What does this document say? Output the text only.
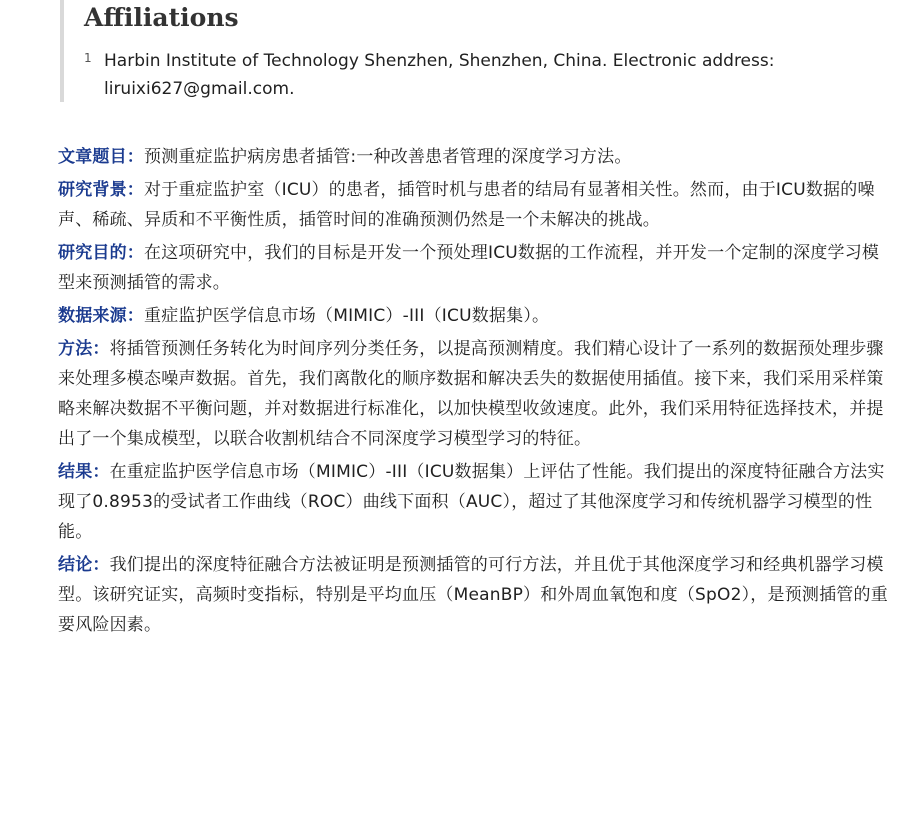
Affiliations
1 Harbin Institute of Technology Shenzhen, Shenzhen, China. Electronic address: liruixi627@gmail.com.

文章题目：预测重症监护病房患者插管:一种改善患者管理的深度学习方法。

研究背景：对于重症监护室（ICU）的患者，插管时机与患者的结局有显著相关性。然而，由于ICU数据的噪声、稀疏、异质和不平衡性质，插管时间的准确预测仍然是一个未解决的挑战。

研究目的：在这项研究中，我们的目标是开发一个预处理ICU数据的工作流程，并开发一个定制的深度学习模型来预测插管的需求。

数据来源：重症监护医学信息市场（MIMIC）-III（ICU数据集）。

方法：将插管预测任务转化为时间序列分类任务，以提高预测精度。我们精心设计了一系列的数据预处理步骤来处理多模态噪声数据。首先，我们离散化的顺序数据和解决丢失的数据使用插值。接下来，我们采用采样策略来解决数据不平衡问题，并对数据进行标准化，以加快模型收敛速度。此外，我们采用特征选择技术，并提出了一个集成模型，以联合收割机结合不同深度学习模型学习的特征。

结果：在重症监护医学信息市场（MIMIC）-III（ICU数据集）上评估了性能。我们提出的深度特征融合方法实现了0.8953的受试者工作曲线（ROC）曲线下面积（AUC），超过了其他深度学习和传统机器学习模型的性能。

结论：我们提出的深度特征融合方法被证明是预测插管的可行方法，并且优于其他深度学习和经典机器学习模型。该研究证实，高频时变指标，特别是平均血压（MeanBP）和外周血氧饱和度（SpO2），是预测插管的重要风险因素。
